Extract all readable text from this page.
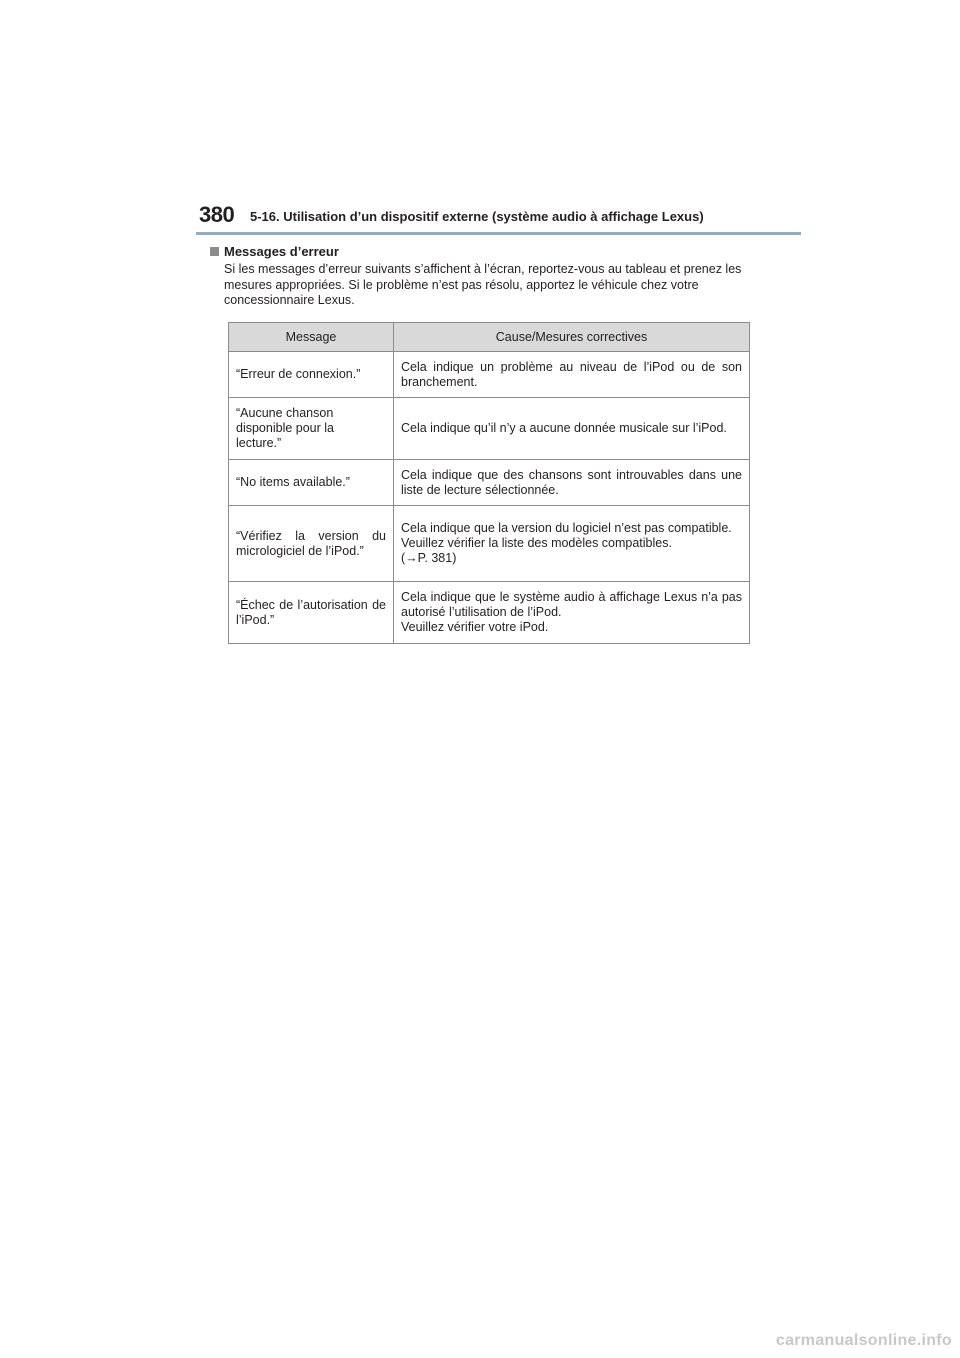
380 5-16. Utilisation d’un dispositif externe (système audio à affichage Lexus)
Messages d’erreur

Si les messages d’erreur suivants s’affichent à l’écran, reportez-vous au tableau et prenez les mesures appropriées. Si le problème n’est pas résolu, apportez le véhicule chez votre concessionnaire Lexus.

Message	Cause/Mesures correctives

“Erreur de connexion.”	Cela indique un problème au niveau de l’iPod ou de son branchement.

“Aucune chanson
disponible pour la
lecture.”	Cela indique qu’il n’y a aucune donnée musicale sur l’iPod.

“No items available.”	Cela indique que des chansons sont introuvables dans une liste de lecture sélectionnée.

“Vérifiez la version du micrologiciel de l’iPod.”	Cela indique que la version du logiciel n’est pas compatible.
Veuillez vérifier la liste des modèles compatibles.
(→P. 381)

“Échec de l’autorisation de l’iPod.”	Cela indique que le système audio à affichage Lexus n’a pas autorisé l’utilisation de l’iPod.
Veuillez vérifier votre iPod.
carmanualsonline.info
